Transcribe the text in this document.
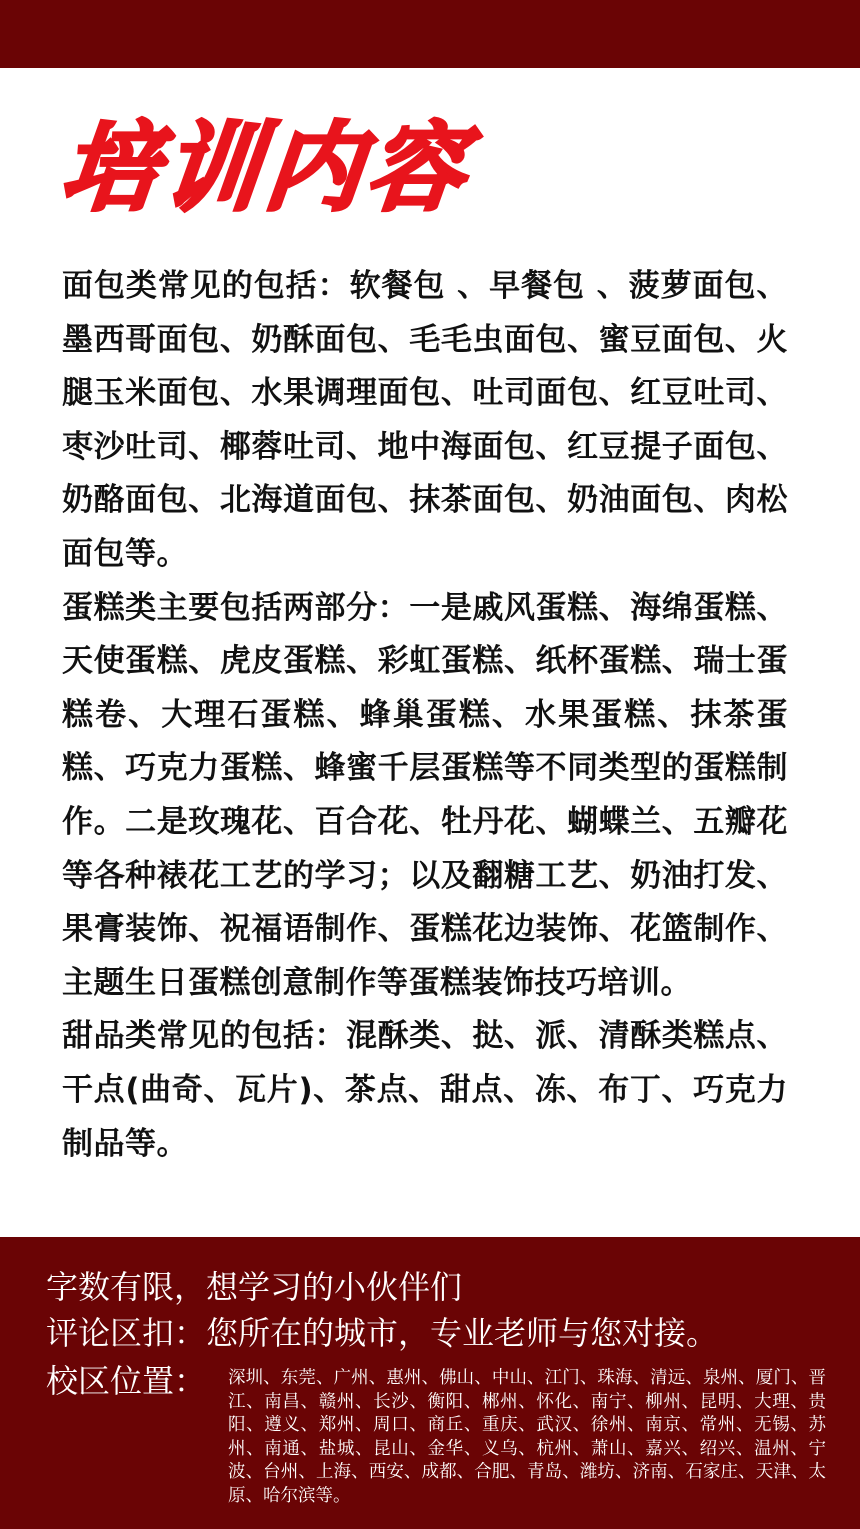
培训内容

面包类常见的包括：软餐包 、早餐包 、菠萝面包、墨西哥面包、奶酥面包、毛毛虫面包、蜜豆面包、火腿玉米面包、水果调理面包、吐司面包、红豆吐司、枣沙吐司、椰蓉吐司、地中海面包、红豆提子面包、奶酪面包、北海道面包、抹茶面包、奶油面包、肉松面包等。

蛋糕类主要包括两部分：一是戚风蛋糕、海绵蛋糕、天使蛋糕、虎皮蛋糕、彩虹蛋糕、纸杯蛋糕、瑞士蛋糕卷、大理石蛋糕、蜂巢蛋糕、水果蛋糕、抹茶蛋糕、巧克力蛋糕、蜂蜜千层蛋糕等不同类型的蛋糕制作。二是玫瑰花、百合花、牡丹花、蝴蝶兰、五瓣花等各种裱花工艺的学习；以及翻糖工艺、奶油打发、果膏装饰、祝福语制作、蛋糕花边装饰、花篮制作、主题生日蛋糕创意制作等蛋糕装饰技巧培训。

甜品类常见的包括：混酥类、挞、派、清酥类糕点、干点(曲奇、瓦片)、茶点、甜点、冻、布丁、巧克力制品等。

字数有限，想学习的小伙伴们
评论区扣：您所在的城市，专业老师与您对接。
校区位置： 深圳、东莞、广州、惠州、佛山、中山、江门、珠海、清远、泉州、厦门、晋江、南昌、赣州、长沙、衡阳、郴州、怀化、南宁、柳州、昆明、大理、贵阳、遵义、郑州、周口、商丘、重庆、武汉、徐州、南京、常州、无锡、苏州、南通、盐城、昆山、金华、义乌、杭州、萧山、嘉兴、绍兴、温州、宁波、台州、上海、西安、成都、合肥、青岛、潍坊、济南、石家庄、天津、太原、哈尔滨等。
